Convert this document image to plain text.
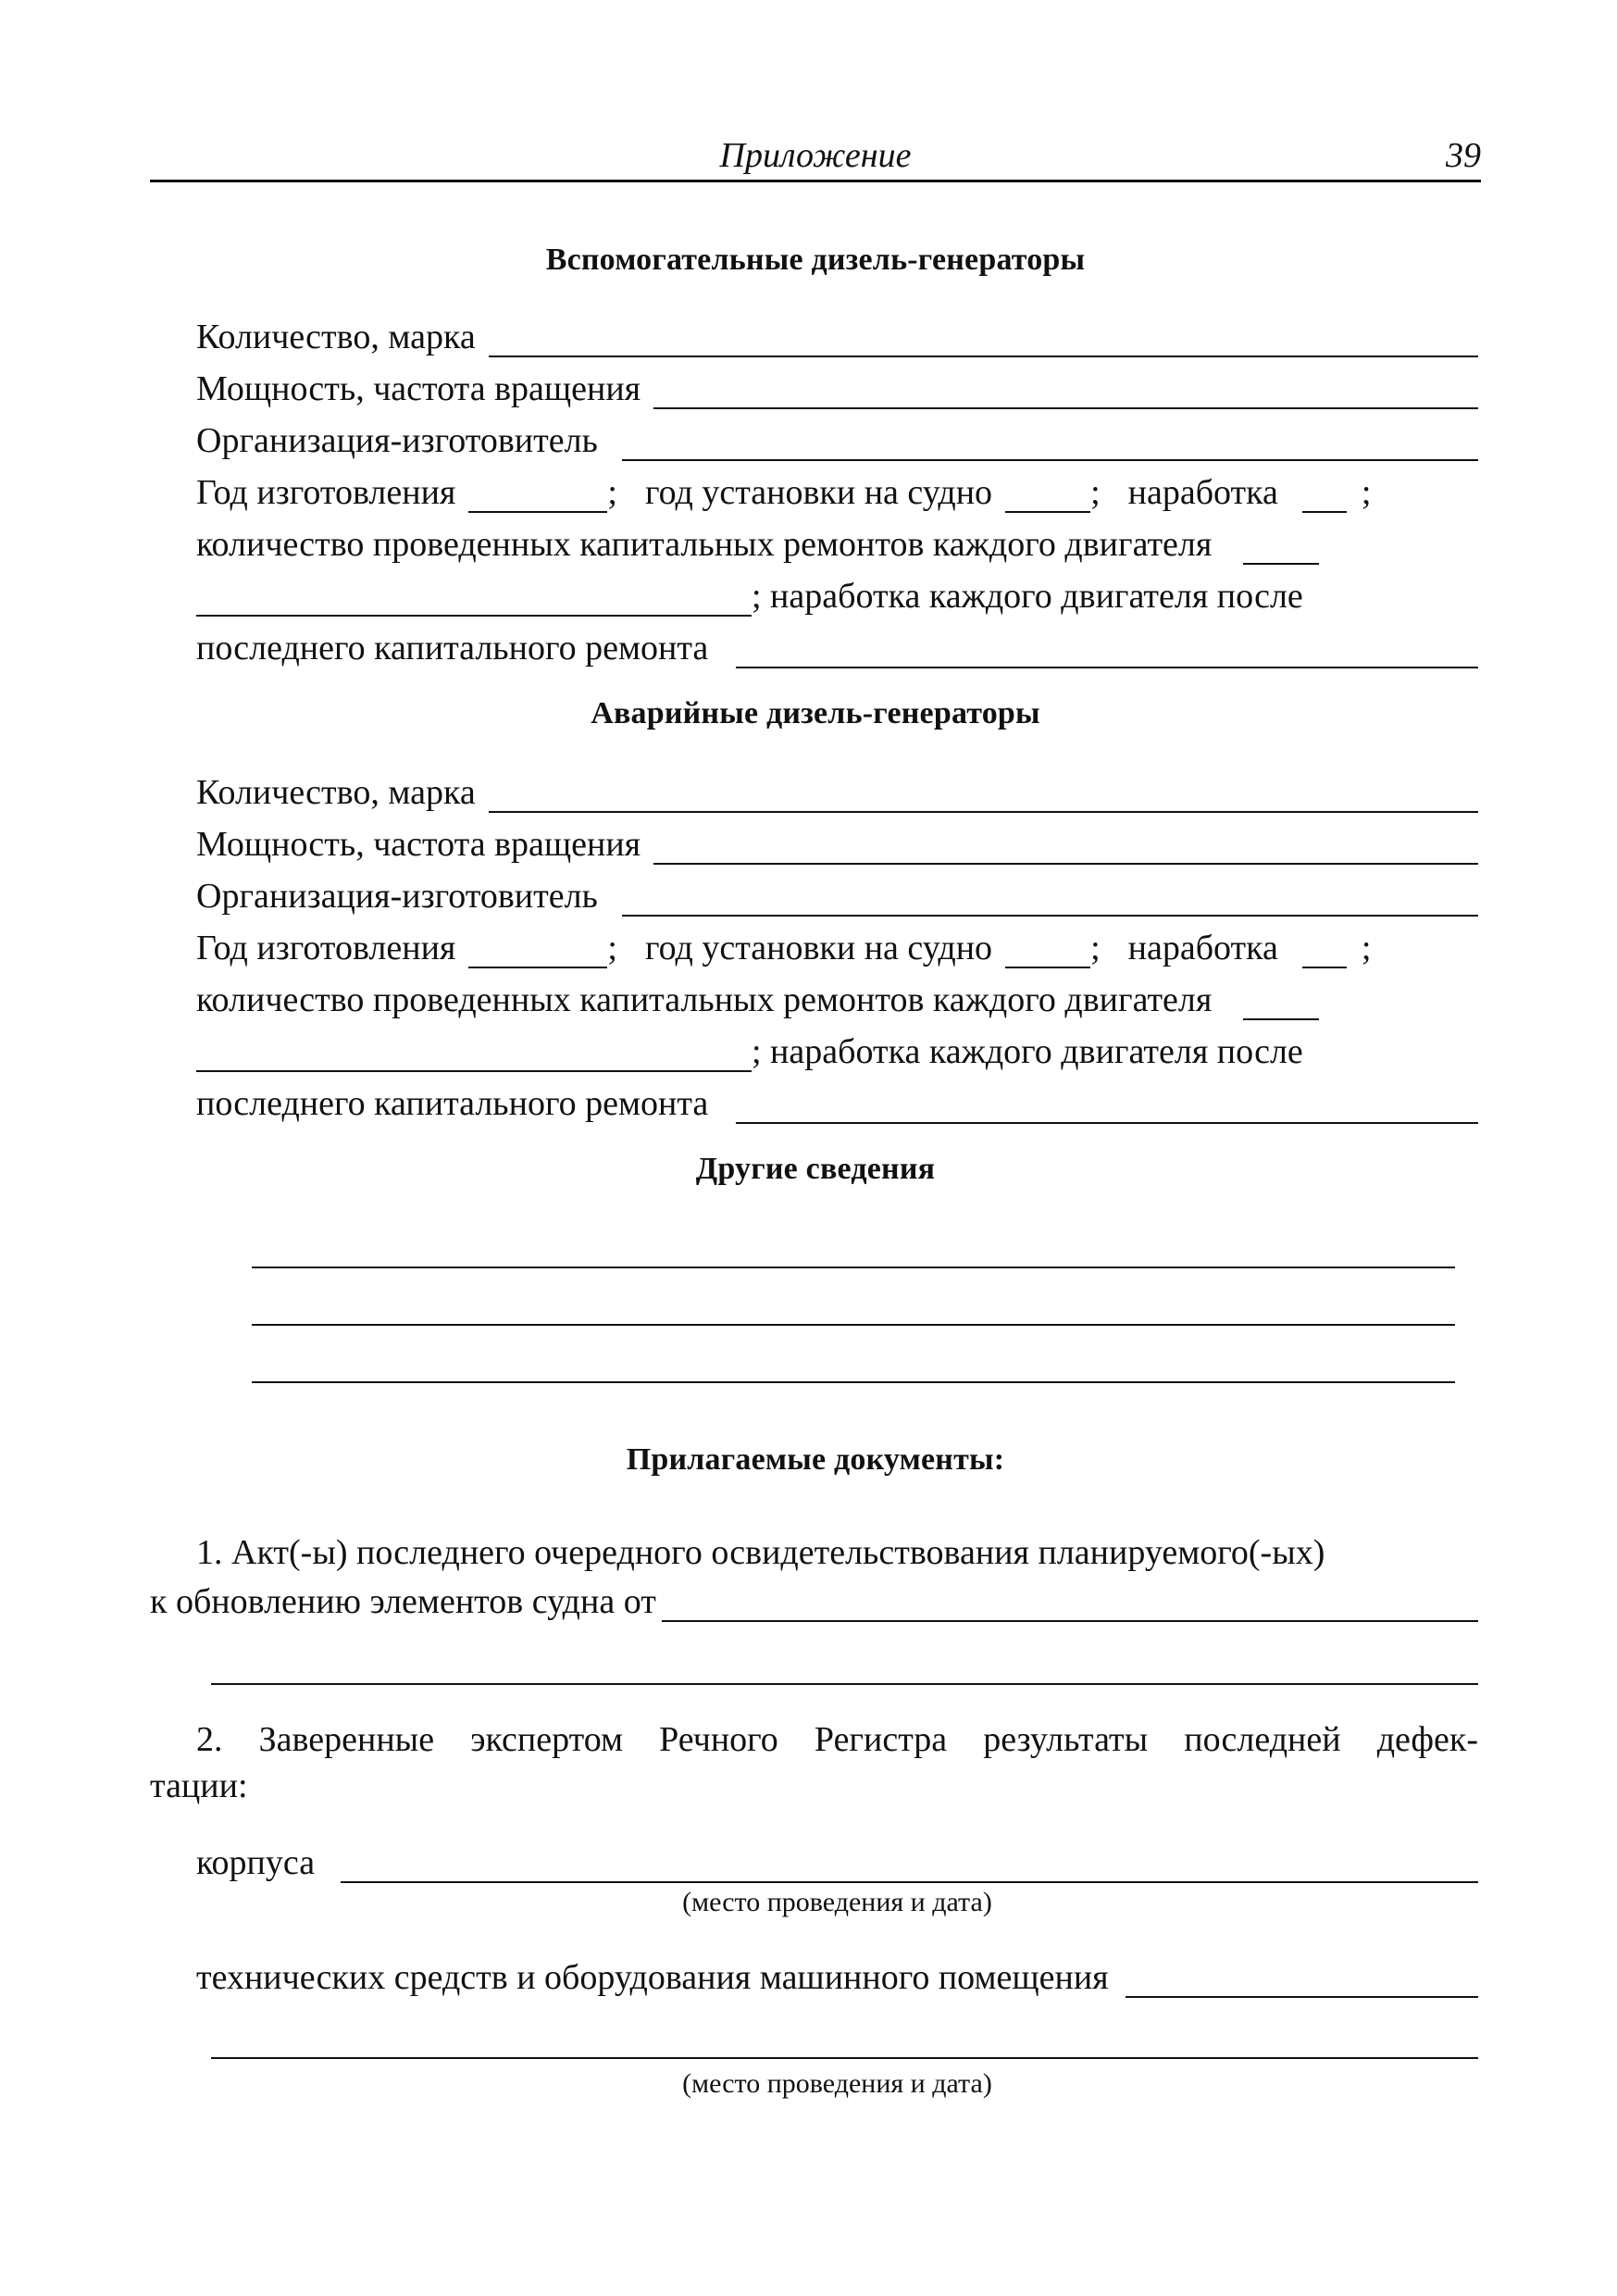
Приложение	39
Вспомогательные дизель-генераторы
Количество, марка
Мощность, частота вращения
Организация-изготовитель
Год изготовления	; год установки на судно	; наработка ;
количество проведенных капитальных ремонтов каждого двигателя
; наработка каждого двигателя после
последнего капитального ремонта
Аварийные дизель-генераторы
Количество, марка
Мощность, частота вращения
Организация-изготовитель
Год изготовления	; год установки на судно	; наработка ;
количество проведенных капитальных ремонтов каждого двигателя
; наработка каждого двигателя после
последнего капитального ремонта
Другие сведения
Прилагаемые документы:
1. Акт(-ы) последнего очередного освидетельствования планируемого(-ых)
к обновлению элементов судна от
2. Заверенные экспертом Речного Регистра результаты последней дефек-
тации:
корпуса
(место проведения и дата)
технических средств и оборудования машинного помещения
(место проведения и дата)
